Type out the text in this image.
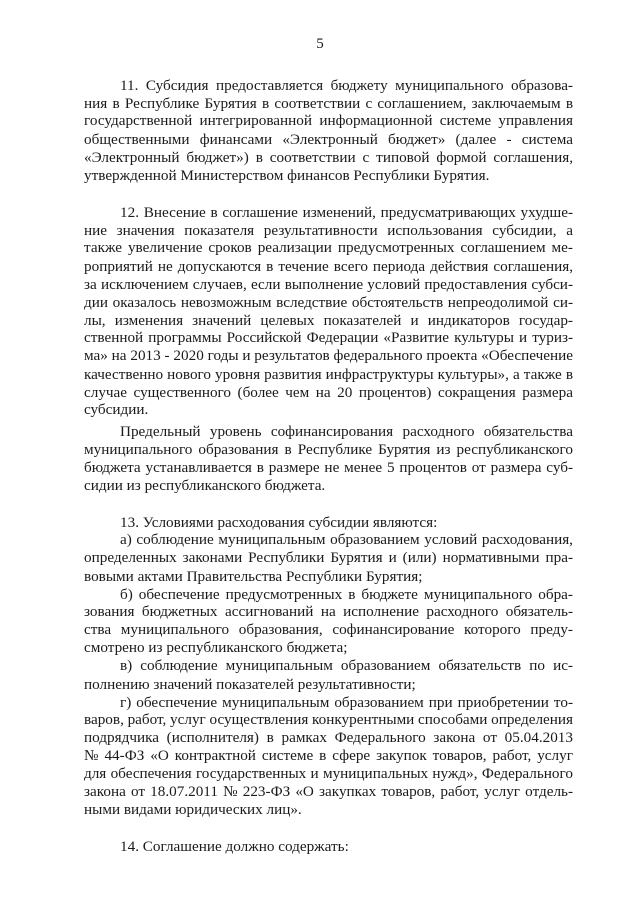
5
11. Субсидия предоставляется бюджету муниципального образова-
ния в Республике Бурятия в соответствии с соглашением, заключаемым в
государственной интегрированной информационной системе управления
общественными финансами «Электронный бюджет» (далее - система
«Электронный бюджет») в соответствии с типовой формой соглашения,
утвержденной Министерством финансов Республики Бурятия.
12. Внесение в соглашение изменений, предусматривающих ухудше-
ние значения показателя результативности использования субсидии, а
также увеличение сроков реализации предусмотренных соглашением ме-
роприятий не допускаются в течение всего периода действия соглашения,
за исключением случаев, если выполнение условий предоставления субси-
дии оказалось невозможным вследствие обстоятельств непреодолимой си-
лы, изменения значений целевых показателей и индикаторов государ-
ственной программы Российской Федерации «Развитие культуры и туриз-
ма» на 2013 - 2020 годы и результатов федерального проекта «Обеспечение
качественно нового уровня развития инфраструктуры культуры», а также в
случае существенного (более чем на 20 процентов) сокращения размера
субсидии.
Предельный уровень софинансирования расходного обязательства
муниципального образования в Республике Бурятия из республиканского
бюджета устанавливается в размере не менее 5 процентов от размера суб-
сидии из республиканского бюджета.
13. Условиями расходования субсидии являются:
а) соблюдение муниципальным образованием условий расходования,
определенных законами Республики Бурятия и (или) нормативными пра-
вовыми актами Правительства Республики Бурятия;
б) обеспечение предусмотренных в бюджете муниципального обра-
зования бюджетных ассигнований на исполнение расходного обязатель-
ства муниципального образования, софинансирование которого преду-
смотрено из республиканского бюджета;
в) соблюдение муниципальным образованием обязательств по ис-
полнению значений показателей результативности;
г) обеспечение муниципальным образованием при приобретении то-
варов, работ, услуг осуществления конкурентными способами определения
подрядчика (исполнителя) в рамках Федерального закона от 05.04.2013
№ 44-ФЗ «О контрактной системе в сфере закупок товаров, работ, услуг
для обеспечения государственных и муниципальных нужд», Федерального
закона от 18.07.2011 № 223-ФЗ «О закупках товаров, работ, услуг отдель-
ными видами юридических лиц».
14. Соглашение должно содержать:
